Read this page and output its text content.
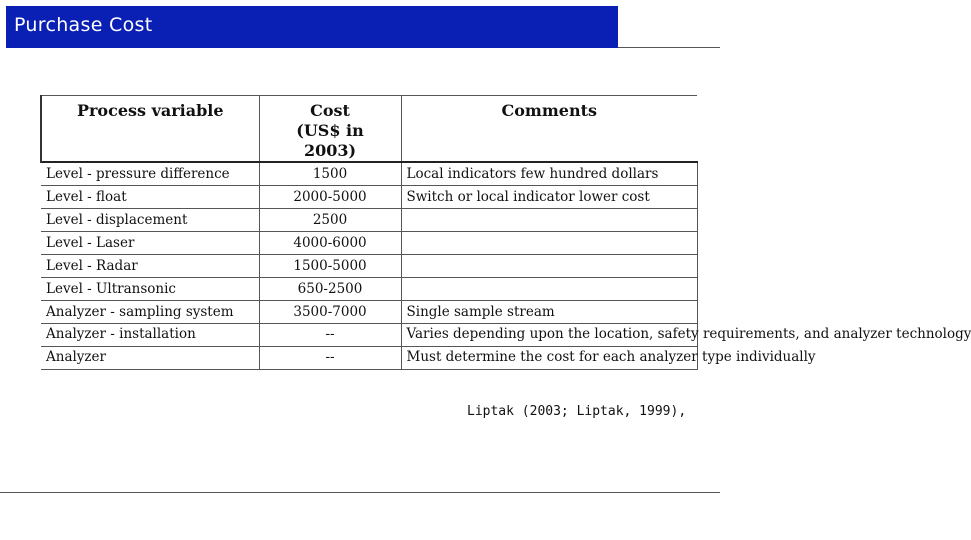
Purchase Cost
Process variable	Cost (US$ in 2003)	Comments
Level - pressure difference	1500	Local indicators few hundred dollars
Level - float	2000-5000	Switch or local indicator lower cost
Level - displacement	2500	
Level - Laser	4000-6000	
Level - Radar	1500-5000	
Level - Ultransonic	650-2500	
Analyzer - sampling system	3500-7000	Single sample stream
Analyzer - installation	--	Varies depending upon the location, safety requirements, and analyzer technology
Analyzer	--	Must determine the cost for each analyzer type individually
Liptak (2003; Liptak, 1999),
